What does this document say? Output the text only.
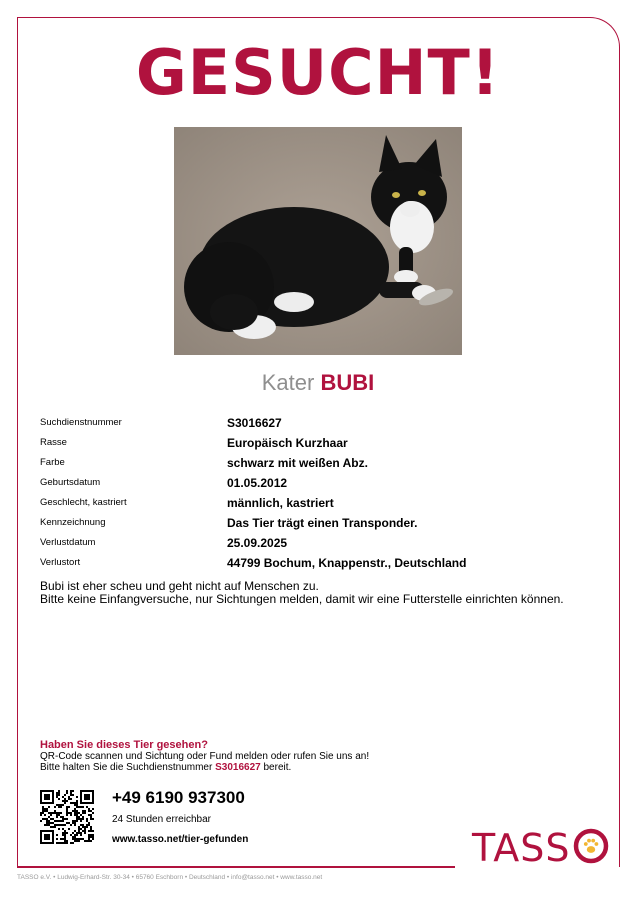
GESUCHT!
Kater BUBI
Suchdienstnummer	S3016627
Rasse	Europäisch Kurzhaar
Farbe	schwarz mit weißen Abz.
Geburtsdatum	01.05.2012
Geschlecht, kastriert	männlich, kastriert
Kennzeichnung	Das Tier trägt einen Transponder.
Verlustdatum	25.09.2025
Verlustort	44799 Bochum, Knappenstr., Deutschland

Bubi ist eher scheu und geht nicht auf Menschen zu.

Bitte keine Einfangversuche, nur Sichtungen melden, damit wir eine Futterstelle einrichten können.

Haben Sie dieses Tier gesehen?
QR-Code scannen und Sichtung oder Fund melden oder rufen Sie uns an!
Bitte halten Sie die Suchdienstnummer S3016627 bereit.
+49 6190 937300
24 Stunden erreichbar
www.tasso.net/tier-gefunden	TASS
TASSO e.V. • Ludwig-Erhard-Str. 30-34 • 65760 Eschborn • Deutschland • info@tasso.net • www.tasso.net
